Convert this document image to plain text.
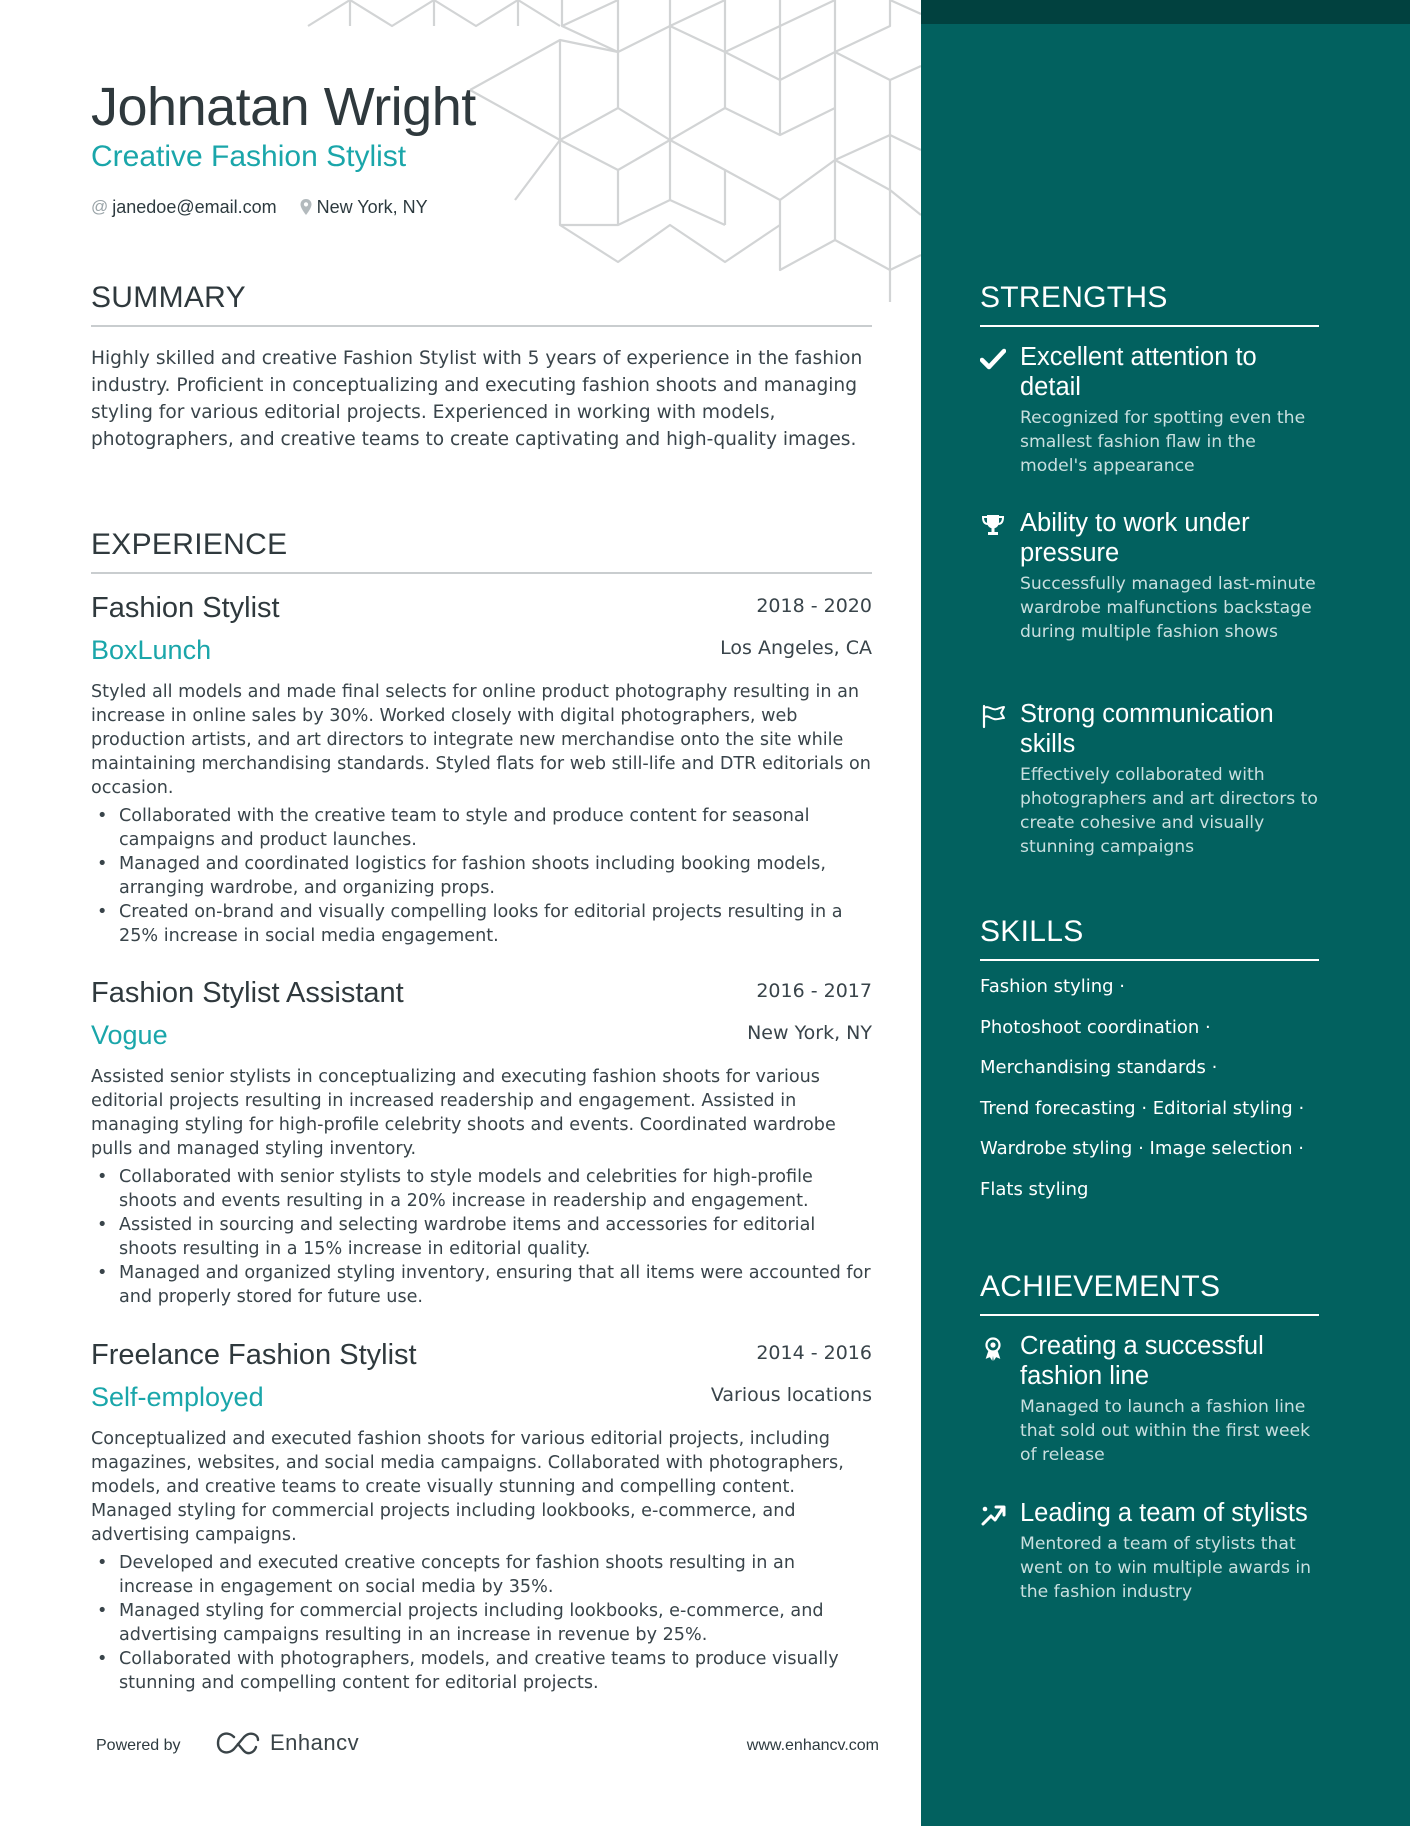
Johnatan Wright
Creative Fashion Stylist
@ janedoe@email.com New York, NY
SUMMARY
Highly skilled and creative Fashion Stylist with 5 years of experience in the fashion industry. Proficient in conceptualizing and executing fashion shoots and managing styling for various editorial projects. Experienced in working with models, photographers, and creative teams to create captivating and high-quality images.
EXPERIENCE
Fashion Stylist	2018 - 2020
BoxLunch	Los Angeles, CA
Styled all models and made final selects for online product photography resulting in an increase in online sales by 30%. Worked closely with digital photographers, web production artists, and art directors to integrate new merchandise onto the site while maintaining merchandising standards. Styled flats for web still-life and DTR editorials on occasion.
• Collaborated with the creative team to style and produce content for seasonal campaigns and product launches.
• Managed and coordinated logistics for fashion shoots including booking models, arranging wardrobe, and organizing props.
• Created on-brand and visually compelling looks for editorial projects resulting in a 25% increase in social media engagement.
Fashion Stylist Assistant	2016 - 2017
Vogue	New York, NY
Assisted senior stylists in conceptualizing and executing fashion shoots for various editorial projects resulting in increased readership and engagement. Assisted in managing styling for high-profile celebrity shoots and events. Coordinated wardrobe pulls and managed styling inventory.
• Collaborated with senior stylists to style models and celebrities for high-profile shoots and events resulting in a 20% increase in readership and engagement.
• Assisted in sourcing and selecting wardrobe items and accessories for editorial shoots resulting in a 15% increase in editorial quality.
• Managed and organized styling inventory, ensuring that all items were accounted for and properly stored for future use.
Freelance Fashion Stylist	2014 - 2016
Self-employed	Various locations
Conceptualized and executed fashion shoots for various editorial projects, including magazines, websites, and social media campaigns. Collaborated with photographers, models, and creative teams to create visually stunning and compelling content. Managed styling for commercial projects including lookbooks, e-commerce, and advertising campaigns.
• Developed and executed creative concepts for fashion shoots resulting in an increase in engagement on social media by 35%.
• Managed styling for commercial projects including lookbooks, e-commerce, and advertising campaigns resulting in an increase in revenue by 25%.
• Collaborated with photographers, models, and creative teams to produce visually stunning and compelling content for editorial projects.
Powered by	Enhancv	www.enhancv.com
STRENGTHS
Excellent attention to detail
Recognized for spotting even the smallest fashion flaw in the model's appearance
Ability to work under pressure
Successfully managed last-minute wardrobe malfunctions backstage during multiple fashion shows
Strong communication skills
Effectively collaborated with photographers and art directors to create cohesive and visually stunning campaigns
SKILLS
Fashion styling ·
Photoshoot coordination ·
Merchandising standards ·
Trend forecasting · Editorial styling ·
Wardrobe styling · Image selection ·
Flats styling
ACHIEVEMENTS
Creating a successful fashion line
Managed to launch a fashion line that sold out within the first week of release
Leading a team of stylists
Mentored a team of stylists that went on to win multiple awards in the fashion industry
